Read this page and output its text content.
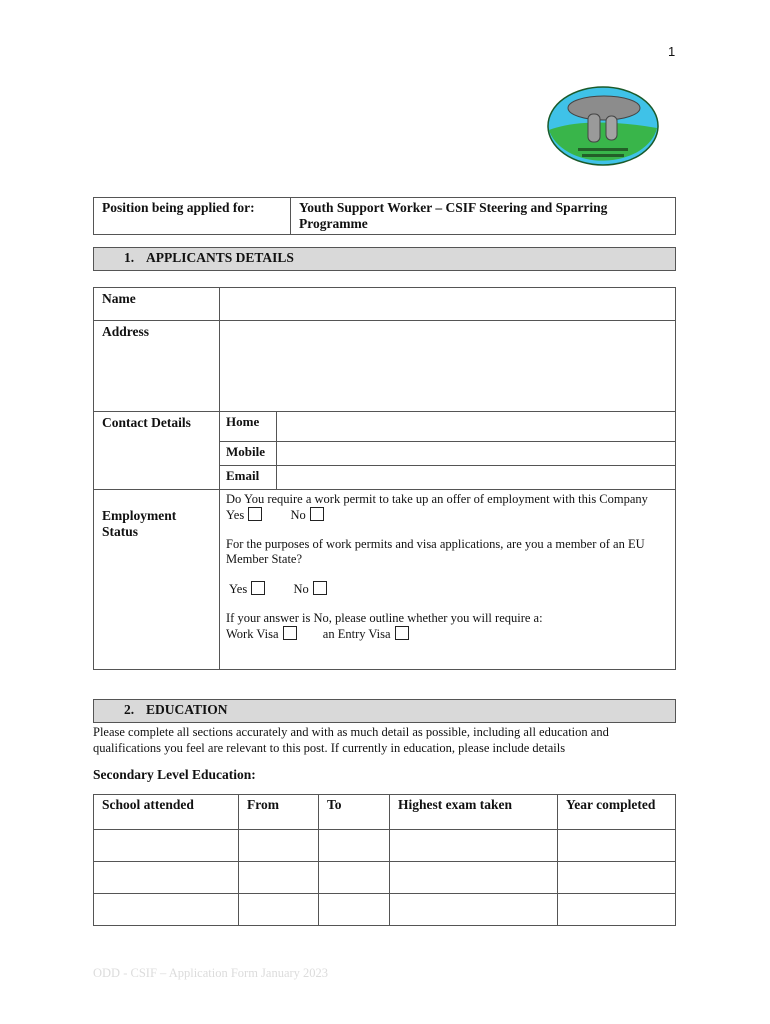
1
Position being applied for:	Youth Support Worker – CSIF Steering and Sparring Programme
1. APPLICANTS DETAILS
Name	
Address	
Contact Details		Home	
Mobile	
Email	

Employment
Status

Do You require a work permit to take up an offer of employment with this Company

Yes	No

For the purposes of work permits and visa applications, are you a member of an EU Member State?

Yes	No

If your answer is No, please outline whether you will require a:

Work Visa	an Entry Visa

2. EDUCATION
Please complete all sections accurately and with as much detail as possible, including all education and qualifications you feel are relevant to this post. If currently in education, please include details
Secondary Level Education:
School attended	From	To	Highest exam taken	Year completed

ODD - CSIF – Application Form January 2023
